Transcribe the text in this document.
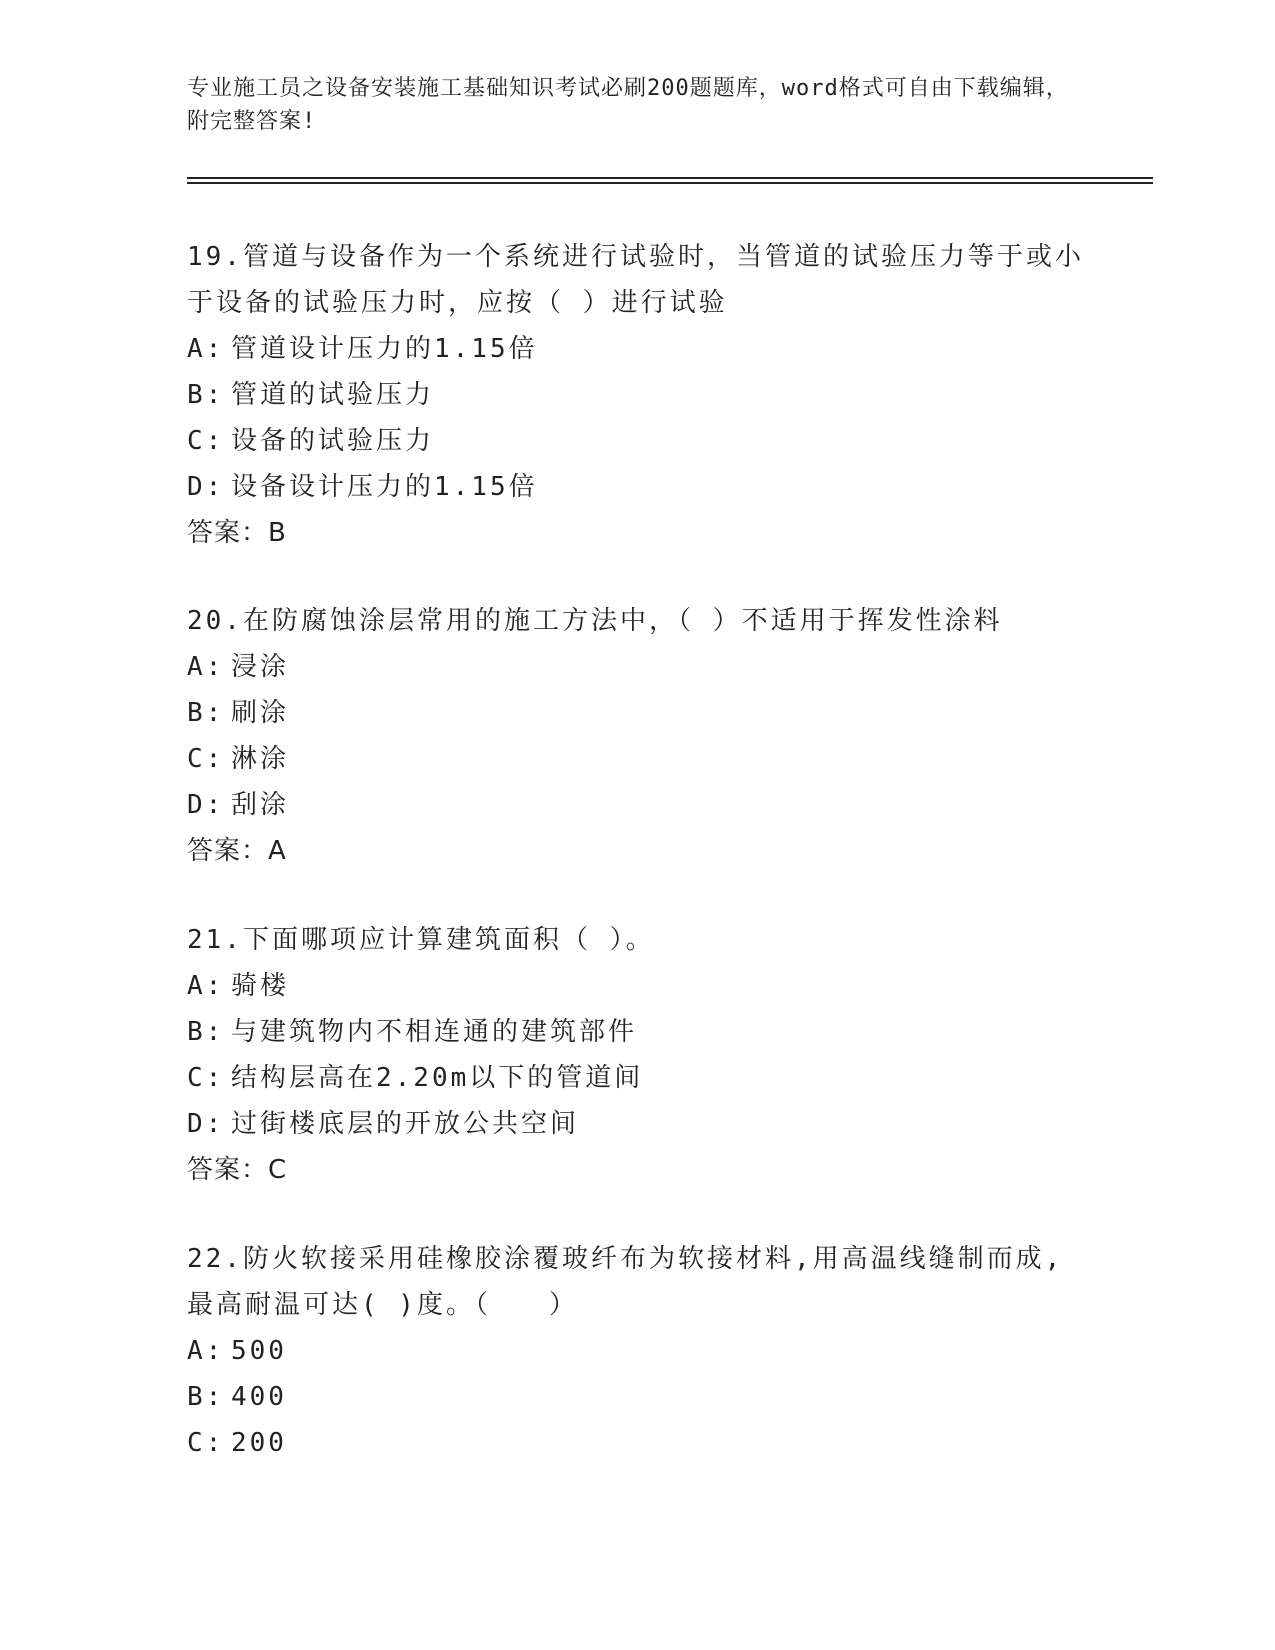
专业施工员之设备安装施工基础知识考试必刷200题题库，word格式可自由下载编辑，附完整答案!

19.管道与设备作为一个系统进行试验时，当管道的试验压力等于或小于设备的试验压力时，应按（ ）进行试验

A: 管道设计压力的1.15倍

B: 管道的试验压力

C: 设备的试验压力

D: 设备设计压力的1.15倍

答案：B

20.在防腐蚀涂层常用的施工方法中，（ ）不适用于挥发性涂料

A: 浸涂

B: 刷涂

C: 淋涂

D: 刮涂

答案：A

21.下面哪项应计算建筑面积（ ）。

A: 骑楼

B: 与建筑物内不相连通的建筑部件

C: 结构层高在2.20m以下的管道间

D: 过街楼底层的开放公共空间

答案：C

22.防火软接采用硅橡胶涂覆玻纤布为软接材料,用高温线缝制而成,最高耐温可达( )度。（　　）

A: 500

B: 400

C: 200
